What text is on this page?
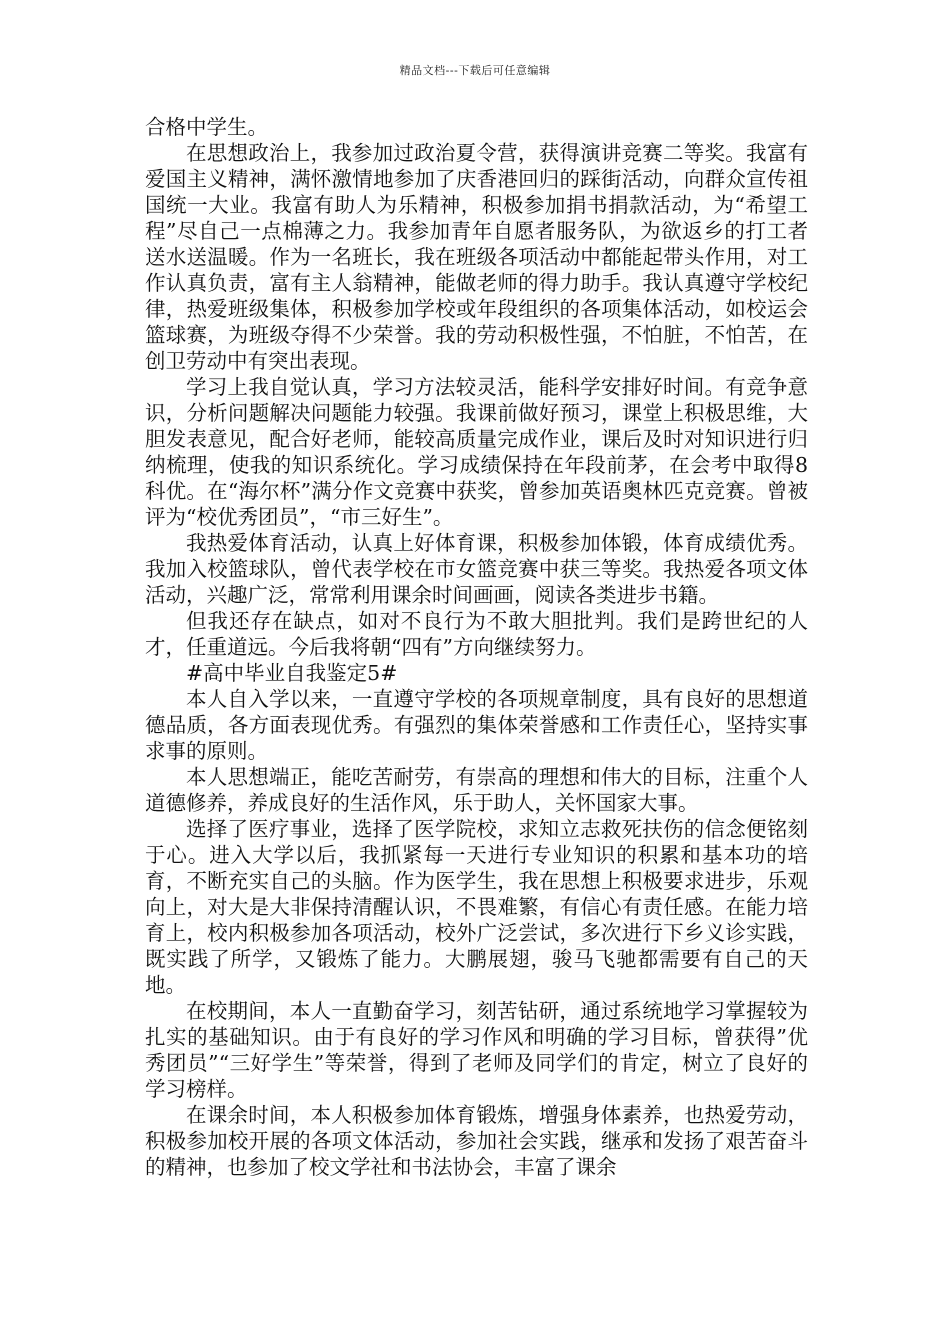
精品文档---下载后可任意编辑

合格中学生。

在思想政治上，我参加过政治夏令营，获得演讲竞赛二等奖。我富有爱国主义精神，满怀激情地参加了庆香港回归的踩街活动，向群众宣传祖国统一大业。我富有助人为乐精神，积极参加捐书捐款活动，为“希望工程”尽自己一点棉薄之力。我参加青年自愿者服务队，为欲返乡的打工者送水送温暖。作为一名班长，我在班级各项活动中都能起带头作用，对工作认真负责，富有主人翁精神，能做老师的得力助手。我认真遵守学校纪律，热爱班级集体，积极参加学校或年段组织的各项集体活动，如校运会篮球赛，为班级夺得不少荣誉。我的劳动积极性强，不怕脏，不怕苦，在创卫劳动中有突出表现。

学习上我自觉认真，学习方法较灵活，能科学安排好时间。有竞争意识，分析问题解决问题能力较强。我课前做好预习，课堂上积极思维，大胆发表意见，配合好老师，能较高质量完成作业，课后及时对知识进行归纳梳理，使我的知识系统化。学习成绩保持在年段前茅，在会考中取得8科优。在“海尔杯”满分作文竞赛中获奖，曾参加英语奥林匹克竞赛。曾被评为“校优秀团员”，“市三好生”。

我热爱体育活动，认真上好体育课，积极参加体锻，体育成绩优秀。我加入校篮球队，曾代表学校在市女篮竞赛中获三等奖。我热爱各项文体活动，兴趣广泛，常常利用课余时间画画，阅读各类进步书籍。

但我还存在缺点，如对不良行为不敢大胆批判。我们是跨世纪的人才，任重道远。今后我将朝“四有”方向继续努力。

#高中毕业自我鉴定5#

本人自入学以来，一直遵守学校的各项规章制度，具有良好的思想道德品质，各方面表现优秀。有强烈的集体荣誉感和工作责任心，坚持实事求事的原则。

本人思想端正，能吃苦耐劳，有崇高的理想和伟大的目标，注重个人道德修养，养成良好的生活作风，乐于助人，关怀国家大事。

选择了医疗事业，选择了医学院校，求知立志救死扶伤的信念便铭刻于心。进入大学以后，我抓紧每一天进行专业知识的积累和基本功的培育，不断充实自己的头脑。作为医学生，我在思想上积极要求进步，乐观向上，对大是大非保持清醒认识，不畏难繁，有信心有责任感。在能力培育上，校内积极参加各项活动，校外广泛尝试，多次进行下乡义诊实践，既实践了所学，又锻炼了能力。大鹏展翅，骏马飞驰都需要有自己的天地。

在校期间，本人一直勤奋学习，刻苦钻研，通过系统地学习掌握较为扎实的基础知识。由于有良好的学习作风和明确的学习目标，曾获得”优秀团员”“三好学生”等荣誉，得到了老师及同学们的肯定，树立了良好的学习榜样。

在课余时间，本人积极参加体育锻炼，增强身体素养，也热爱劳动，积极参加校开展的各项文体活动，参加社会实践，继承和发扬了艰苦奋斗的精神，也参加了校文学社和书法协会，丰富了课余
